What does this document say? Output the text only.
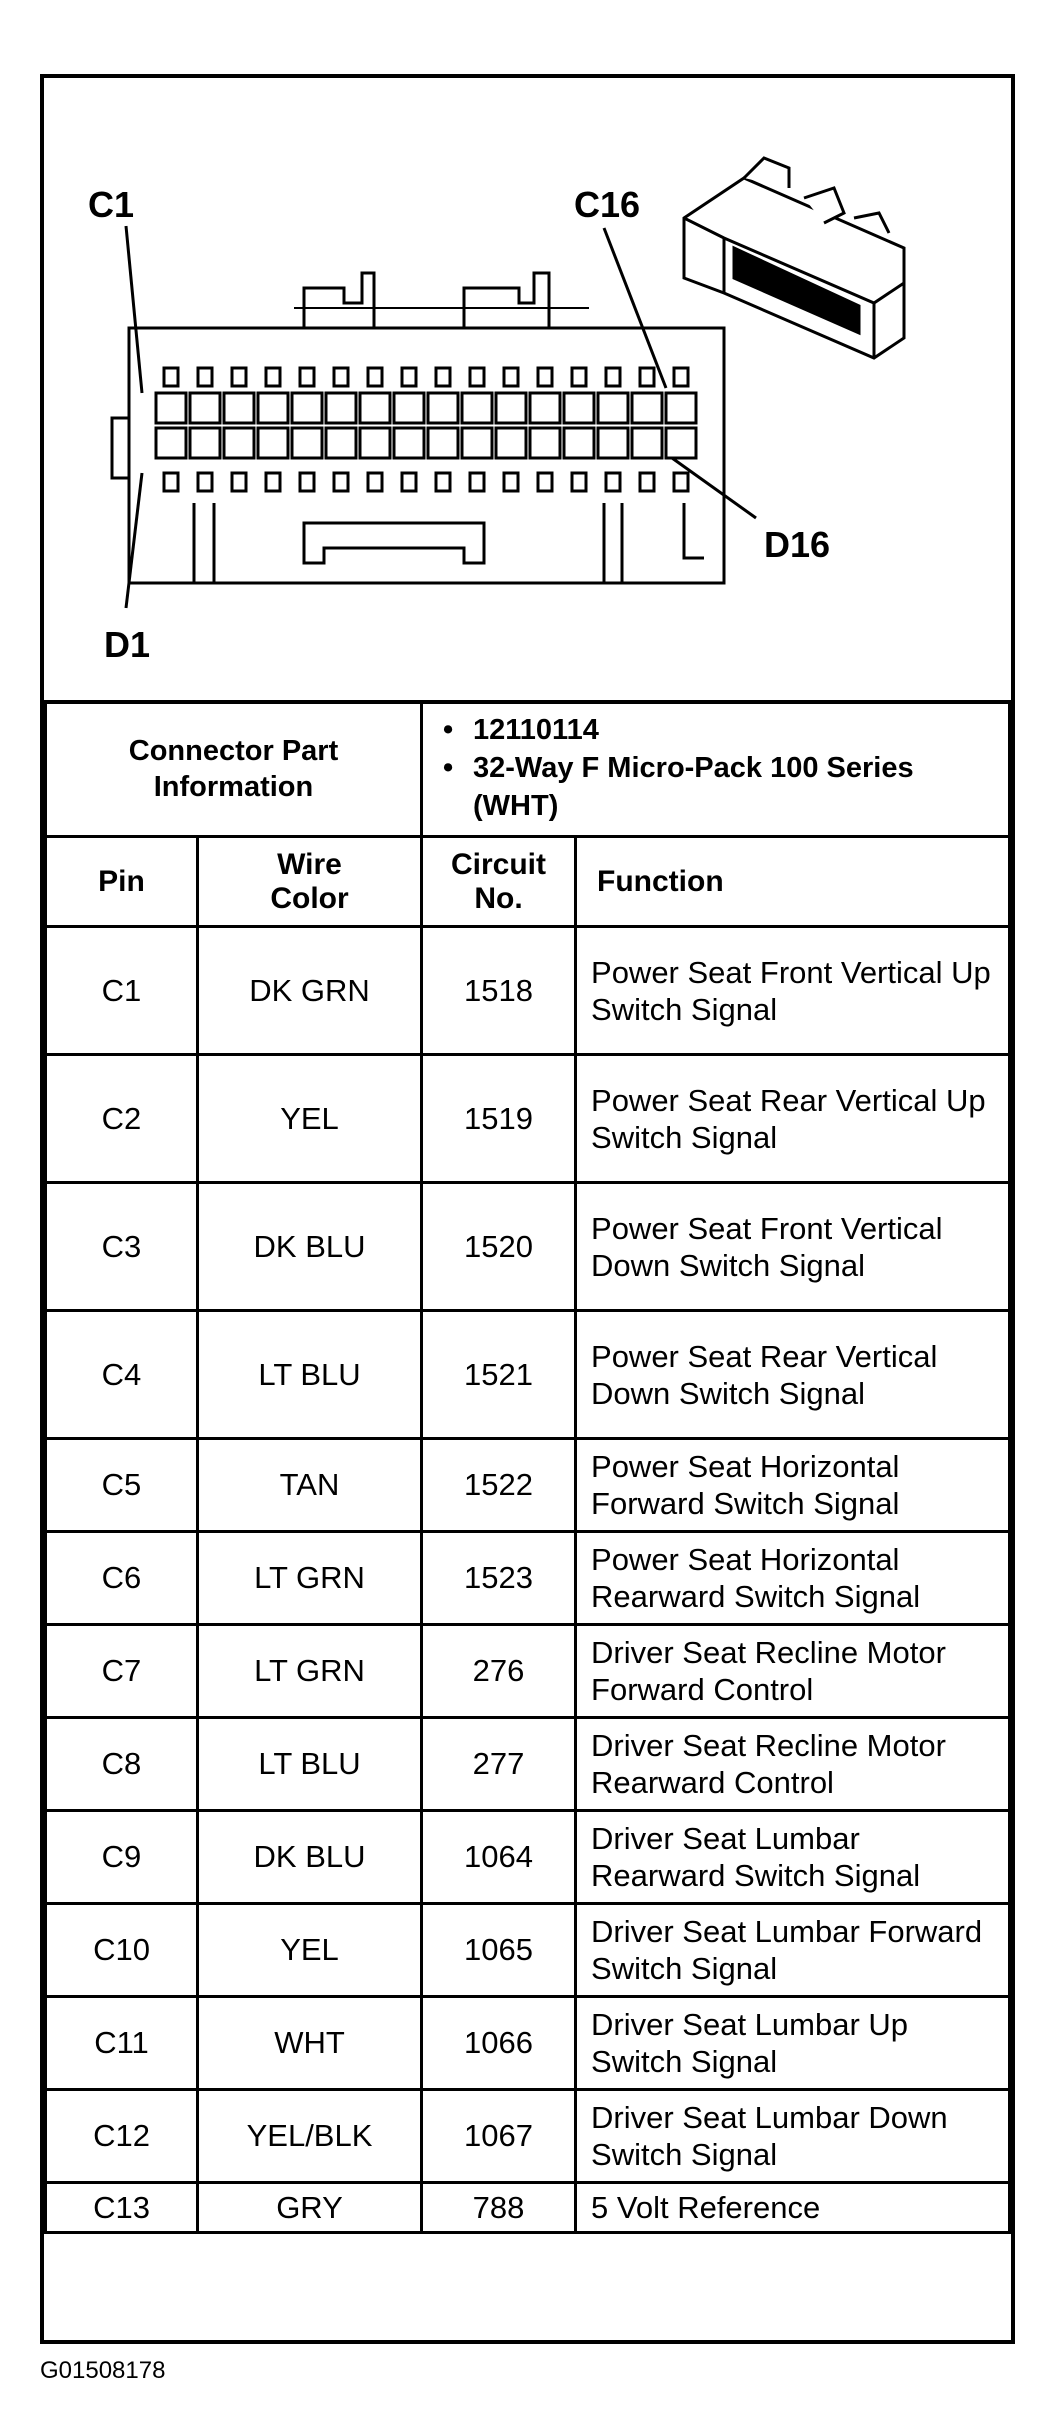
C1	C16
D1
D16
Connector Part Information		• 12110114
• 32-Way F Micro-Pack 100 Series (WHT)

Pin	Wire Color	Circuit No.	Function
C1	DK GRN	1518	Power Seat Front Vertical Up Switch Signal
C2	YEL	1519	Power Seat Rear Vertical Up Switch Signal
C3	DK BLU	1520	Power Seat Front Vertical Down Switch Signal
C4	LT BLU	1521	Power Seat Rear Vertical Down Switch Signal
C5	TAN	1522	Power Seat Horizontal Forward Switch Signal
C6	LT GRN	1523	Power Seat Horizontal Rearward Switch Signal
C7	LT GRN	276	Driver Seat Recline Motor Forward Control
C8	LT BLU	277	Driver Seat Recline Motor Rearward Control
C9	DK BLU	1064	Driver Seat Lumbar Rearward Switch Signal
C10	YEL	1065	Driver Seat Lumbar Forward Switch Signal
C11	WHT	1066	Driver Seat Lumbar Up Switch Signal
C12	YEL/BLK	1067	Driver Seat Lumbar Down Switch Signal
C13	GRY	788	5 Volt Reference
G01508178
